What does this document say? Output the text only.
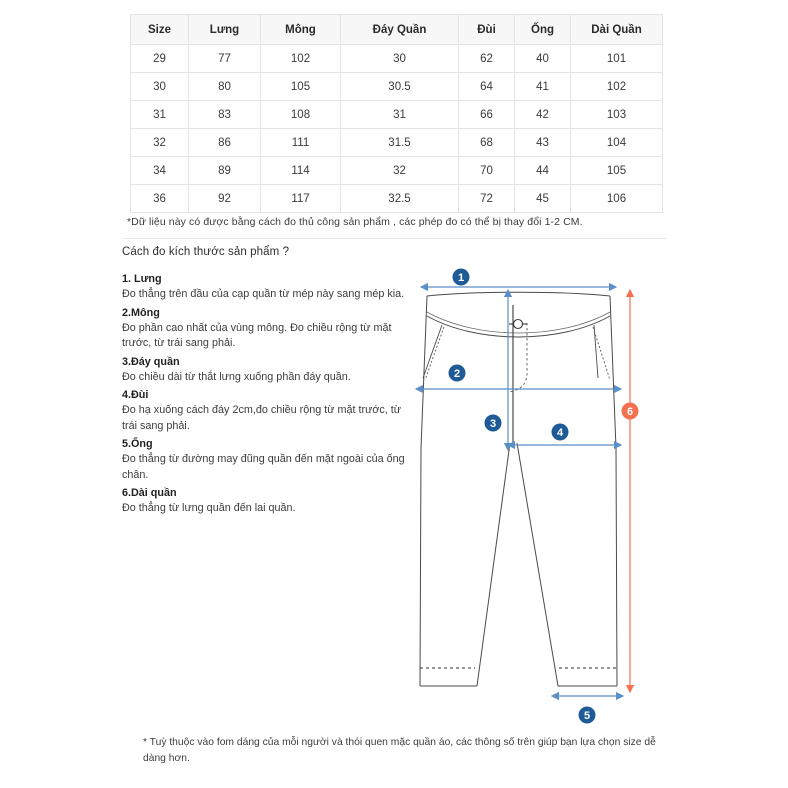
Size	Lưng	Mông	Đáy Quần	Đùi	Ống	Dài Quần
29	77	102	30	62	40	101
30	80	105	30.5	64	41	102
31	83	108	31	66	42	103
32	86	111	31.5	68	43	104
34	89	114	32	70	44	105
36	92	117	32.5	72	45	106
*Dữ liệu này có được bằng cách đo thủ công sản phẩm , các phép đo có thể bị thay đổi 1-2 CM.
Cách đo kích thước sản phẩm ?
1. Lưng
Đo thẳng trên đầu của cạp quần từ mép này sang mép kia.
2.Mông
Đo phần cao nhất của vùng mông. Đo chiều rộng từ mặt trước, từ trái sang phải.
3.Đáy quần
Đo chiều dài từ thắt lưng xuống phần đáy quần.
4.Đùi
Đo hạ xuống cách đáy 2cm,đo chiều rộng từ mặt trước, từ trái sang phải.
5.Ống
Đo thẳng từ đường may đũng quần đến mặt ngoài của ống chân.
6.Dài quần
Đo thẳng từ lưng quần đến lai quần.
1
2
3
4
5
6
* Tuỳ thuộc vào fom dáng của mỗi người và thói quen mặc quần áo, các thông số trên giúp bạn lựa chọn size dễ dàng hơn.
